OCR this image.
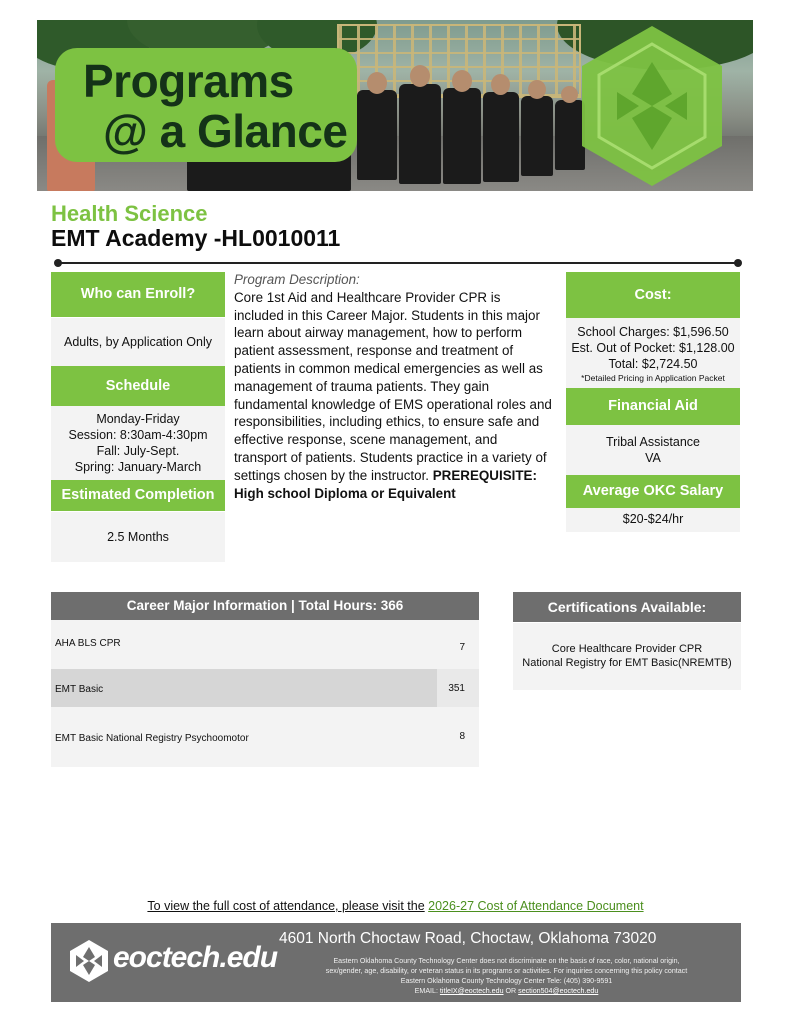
Programs
@ a Glance
Health Science
EMT Academy -HL0010011
Who can Enroll?
Adults, by Application Only
Schedule
Monday-Friday
Session: 8:30am-4:30pm
Fall: July-Sept.
Spring: January-March
Estimated Completion
2.5 Months
Program Description:
Core 1st Aid and Healthcare Provider CPR is included in this Career Major. Students in this major learn about airway management, how to perform patient assessment, response and treatment of patients in common medical emergencies as well as management of trauma patients. They gain fundamental knowledge of EMS operational roles and responsibilities, including ethics, to ensure safe and effective response, scene management, and transport of patients. Students practice in a variety of settings chosen by the instructor. PREREQUISITE: High school Diploma or Equivalent
Cost:
School Charges: $1,596.50
Est. Out of Pocket: $1,128.00
Total: $2,724.50
*Detailed Pricing in Application Packet
Financial Aid
Tribal Assistance
VA
Average OKC Salary
$20-$24/hr
Career Major Information | Total Hours: 366
AHA BLS CPR	7
EMT Basic	351
EMT Basic National Registry Psychoomotor	8
Certifications Available:
Core Healthcare Provider CPR
National Registry for EMT Basic(NREMTB)
To view the full cost of attendance, please visit the 2026-27 Cost of Attendance Document
eoctech.edu
4601 North Choctaw Road, Choctaw, Oklahoma 73020
Eastern Oklahoma County Technology Center does not discriminate on the basis of race, color, national origin,
sex/gender, age, disability, or veteran status in its programs or activities. For inquiries concerning this policy contact
Eastern Oklahoma County Technology Center Tele: (405) 390-9591
EMAIL: titleIX@eoctech.edu OR section504@eoctech.edu
